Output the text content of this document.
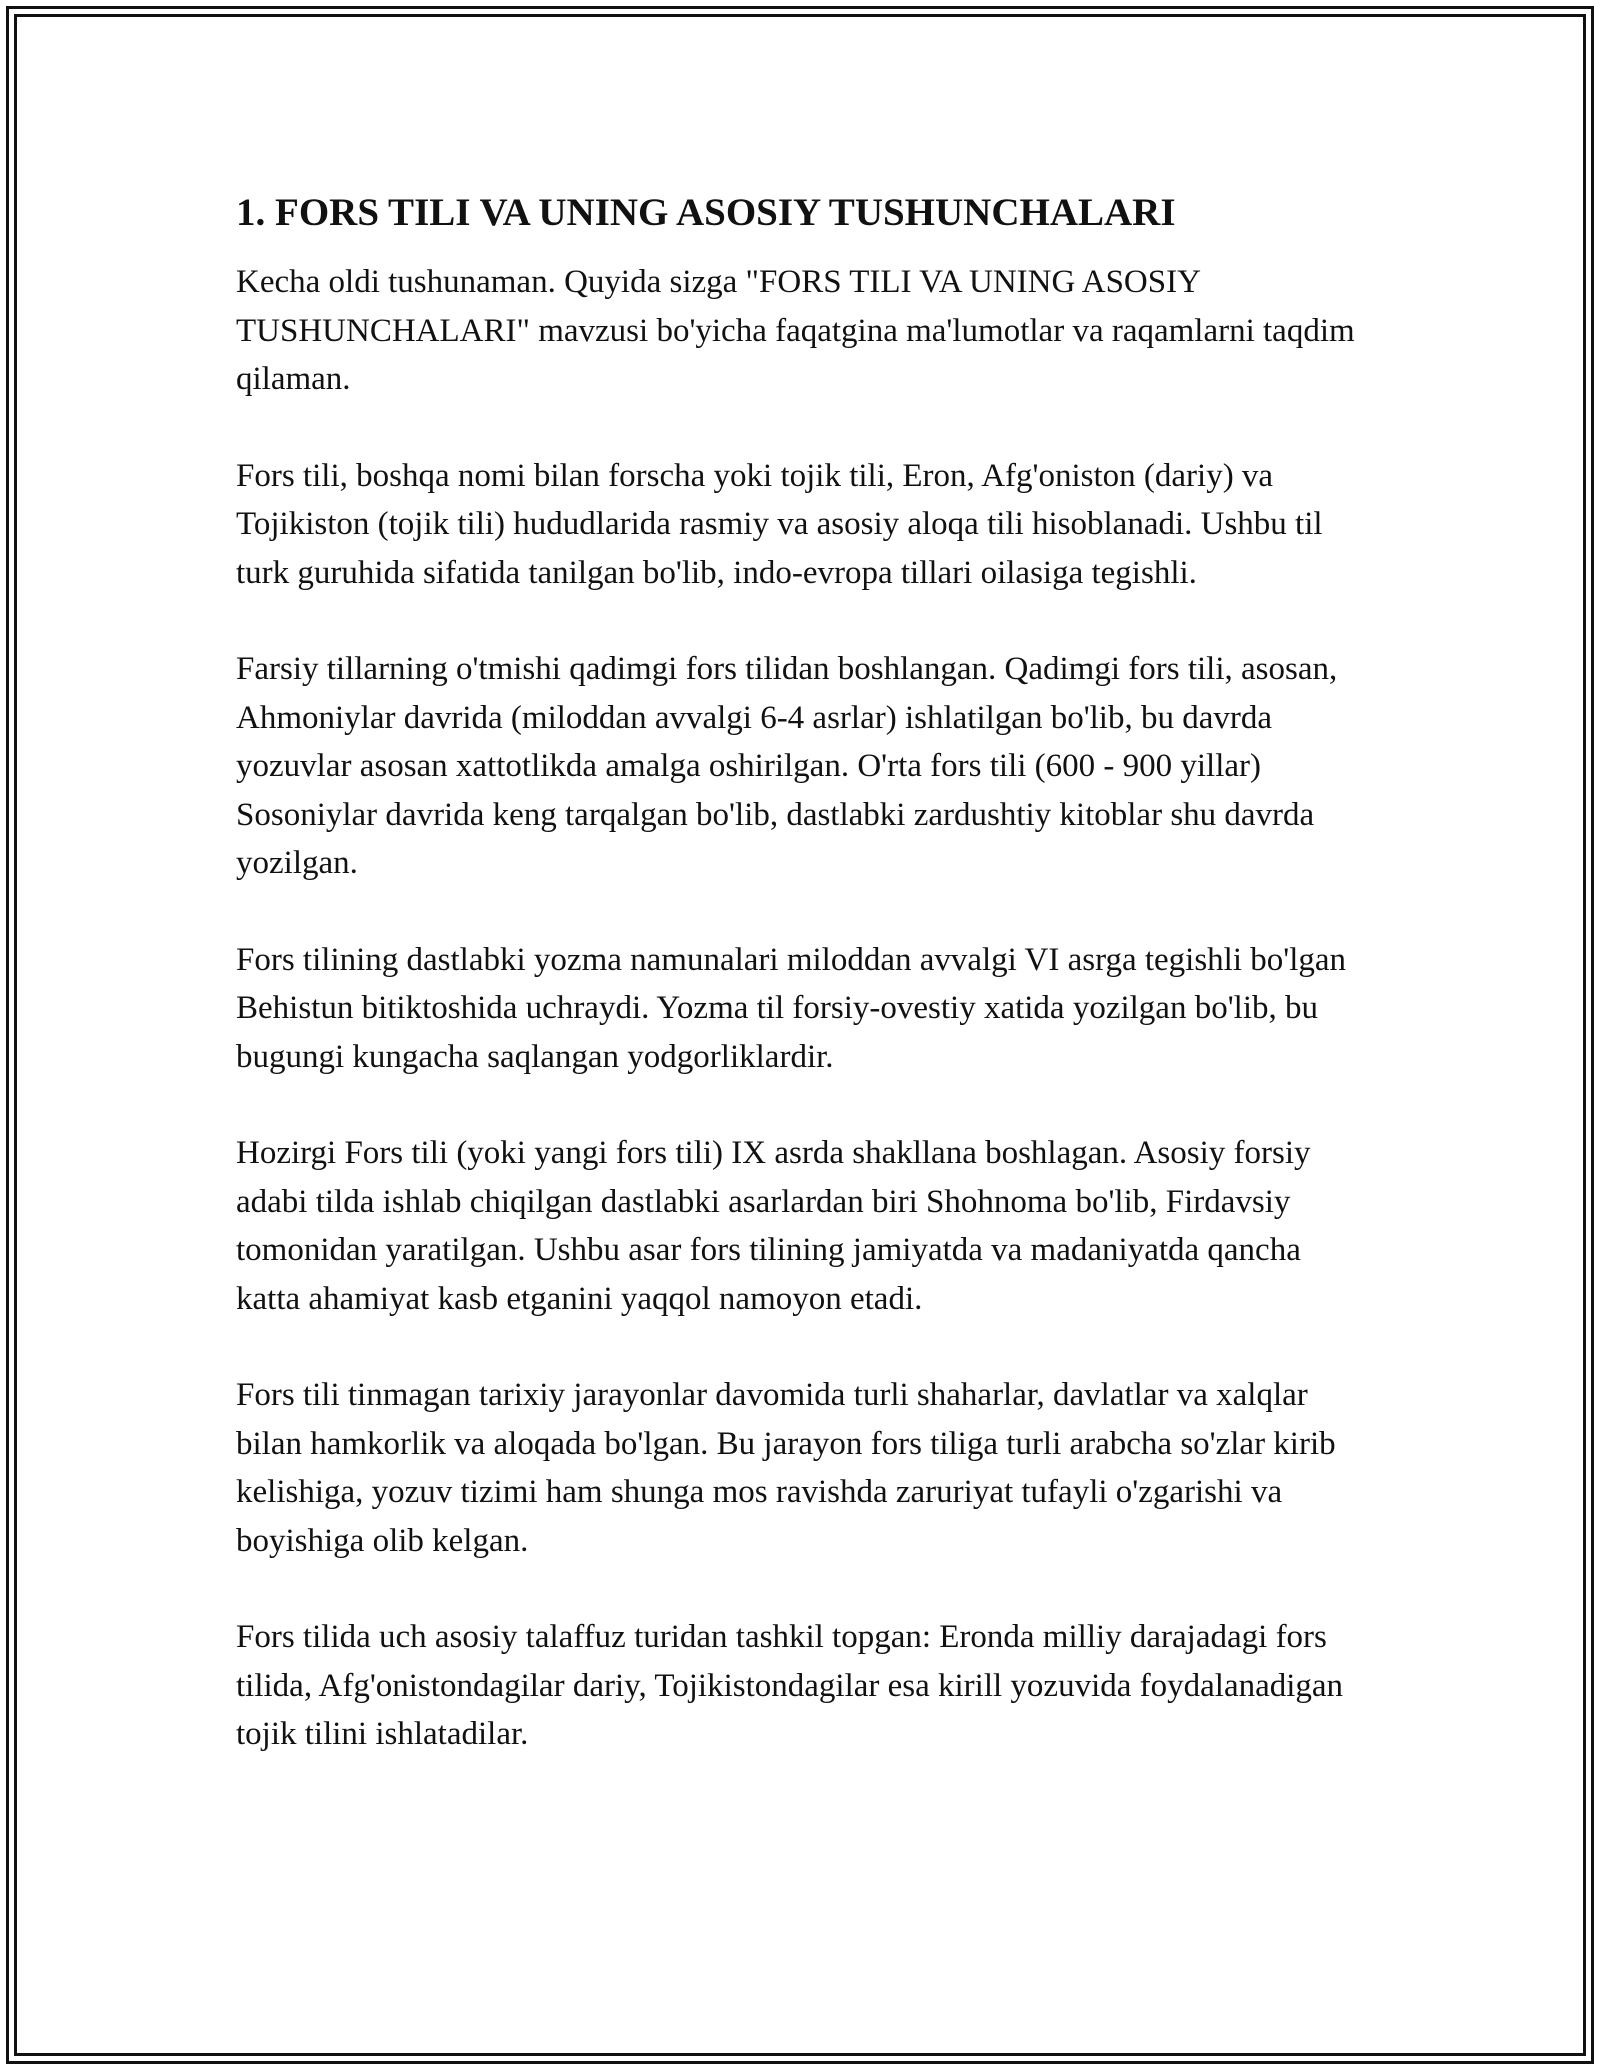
1. FORS TILI VA UNING ASOSIY TUSHUNCHALARI

Kecha oldi tushunaman. Quyida sizga "FORS TILI VA UNING ASOSIY TUSHUNCHALARI" mavzusi bo'yicha faqatgina ma'lumotlar va raqamlarni taqdim qilaman.

Fors tili, boshqa nomi bilan forscha yoki tojik tili, Eron, Afg'oniston (dariy) va Tojikiston (tojik tili) hududlarida rasmiy va asosiy aloqa tili hisoblanadi. Ushbu til turk guruhida sifatida tanilgan bo'lib, indo-evropa tillari oilasiga tegishli.

Farsiy tillarning o'tmishi qadimgi fors tilidan boshlangan. Qadimgi fors tili, asosan, Ahmoniylar davrida (miloddan avvalgi 6-4 asrlar) ishlatilgan bo'lib, bu davrda yozuvlar asosan xattotlikda amalga oshirilgan. O'rta fors tili (600 - 900 yillar) Sosoniylar davrida keng tarqalgan bo'lib, dastlabki zardushtiy kitoblar shu davrda yozilgan.

Fors tilining dastlabki yozma namunalari miloddan avvalgi VI asrga tegishli bo'lgan Behistun bitiktoshida uchraydi. Yozma til forsiy-ovestiy xatida yozilgan bo'lib, bu bugungi kungacha saqlangan yodgorliklardir.

Hozirgi Fors tili (yoki yangi fors tili) IX asrda shakllana boshlagan. Asosiy forsiy adabi tilda ishlab chiqilgan dastlabki asarlardan biri Shohnoma bo'lib, Firdavsiy tomonidan yaratilgan. Ushbu asar fors tilining jamiyatda va madaniyatda qancha katta ahamiyat kasb etganini yaqqol namoyon etadi.

Fors tili tinmagan tarixiy jarayonlar davomida turli shaharlar, davlatlar va xalqlar bilan hamkorlik va aloqada bo'lgan. Bu jarayon fors tiliga turli arabcha so'zlar kirib kelishiga, yozuv tizimi ham shunga mos ravishda zaruriyat tufayli o'zgarishi va boyishiga olib kelgan.

Fors tilida uch asosiy talaffuz turidan tashkil topgan: Eronda milliy darajadagi fors tilida, Afg'onistondagilar dariy, Tojikistondagilar esa kirill yozuvida foydalanadigan tojik tilini ishlatadilar.
